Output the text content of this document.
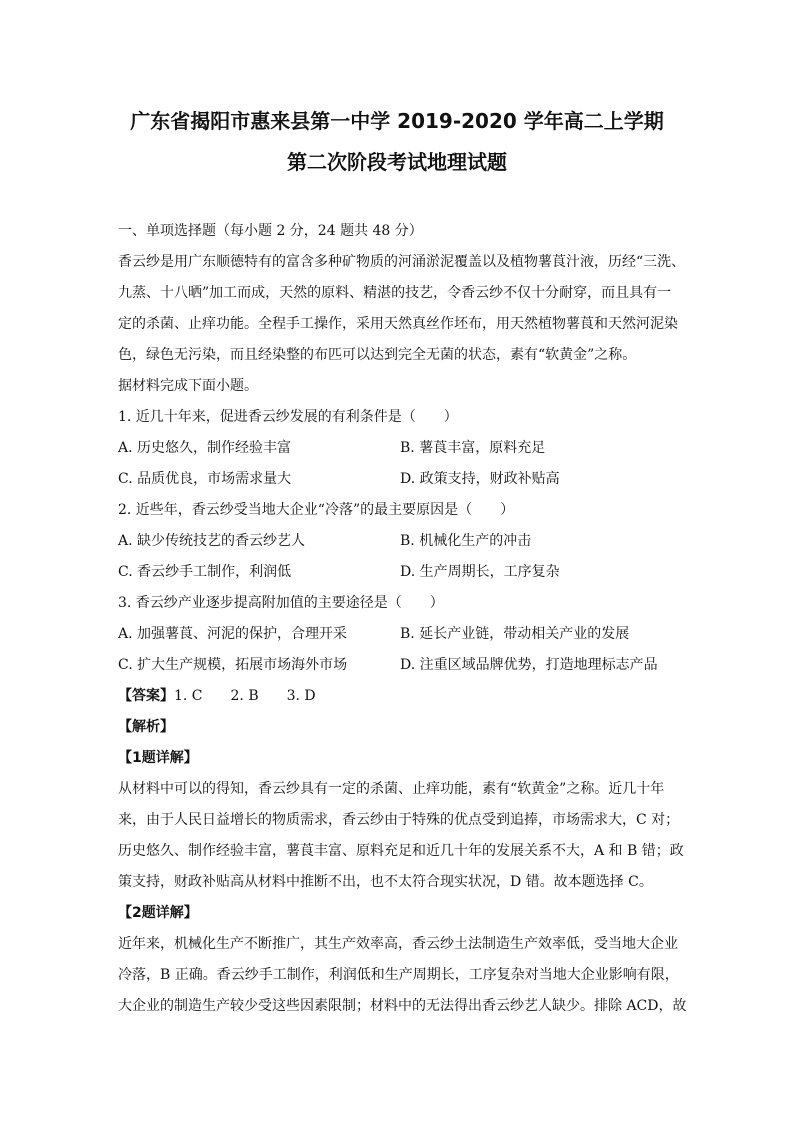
广东省揭阳市惠来县第一中学 2019-2020 学年高二上学期
第二次阶段考试地理试题
一、单项选择题（每小题 2 分，24 题共 48 分）
香云纱是用广东顺德特有的富含多种矿物质的河涌淤泥覆盖以及植物薯莨汁液，历经“三洗、
九蒸、十八晒”加工而成，天然的原料、精湛的技艺，令香云纱不仅十分耐穿，而且具有一
定的杀菌、止痒功能。全程手工操作，采用天然真丝作坯布，用天然植物薯莨和天然河泥染
色，绿色无污染，而且经染整的布匹可以达到完全无菌的状态，素有“软黄金”之称。
据材料完成下面小题。
1. 近几十年来，促进香云纱发展的有利条件是（　　）
A. 历史悠久，制作经验丰富	B. 薯莨丰富，原料充足
C. 品质优良，市场需求量大	D. 政策支持，财政补贴高
2. 近些年，香云纱受当地大企业“冷落”的最主要原因是（　　）
A. 缺少传统技艺的香云纱艺人	B. 机械化生产的冲击
C. 香云纱手工制作，利润低	D. 生产周期长，工序复杂
3. 香云纱产业逐步提高附加值的主要途径是（　　）
A. 加强薯莨、河泥的保护，合理开采	B. 延长产业链，带动相关产业的发展
C. 扩大生产规模，拓展市场海外市场	D. 注重区域品牌优势，打造地理标志产品
【答案】1. C　　2. B　　3. D
【解析】
【1题详解】
从材料中可以的得知，香云纱具有一定的杀菌、止痒功能，素有“软黄金”之称。近几十年
来，由于人民日益增长的物质需求，香云纱由于特殊的优点受到追捧，市场需求大，C 对；
历史悠久、制作经验丰富，薯莨丰富、原料充足和近几十年的发展关系不大，A 和 B 错；政
策支持，财政补贴高从材料中推断不出，也不太符合现实状况，D 错。故本题选择 C。
【2题详解】
近年来，机械化生产不断推广，其生产效率高，香云纱土法制造生产效率低，受当地大企业
冷落，B 正确。香云纱手工制作，利润低和生产周期长，工序复杂对当地大企业影响有限，
大企业的制造生产较少受这些因素限制；材料中的无法得出香云纱艺人缺少。排除 ACD，故
